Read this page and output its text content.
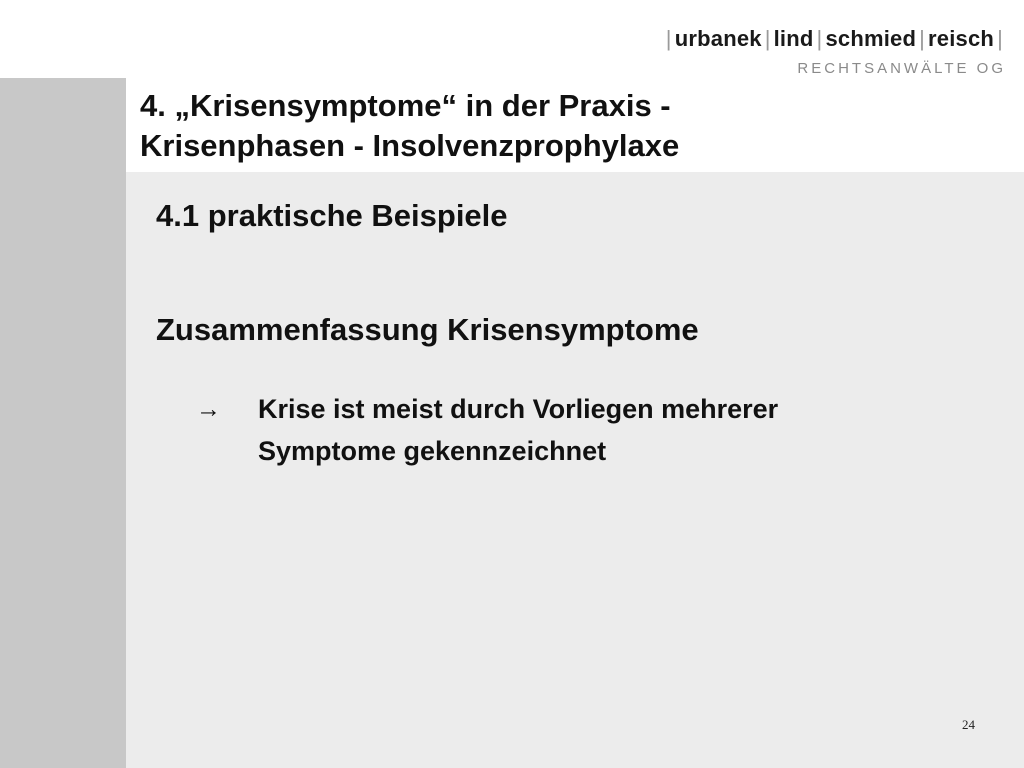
| urbanek | lind | schmied | reisch |
RECHTSANWÄLTE OG
4. „Krisensymptome“ in der Praxis -
Krisenphasen - Insolvenzprophylaxe
4.1 praktische Beispiele
Zusammenfassung Krisensymptome
→ Krise ist meist durch Vorliegen mehrerer
Symptome gekennzeichnet
24
